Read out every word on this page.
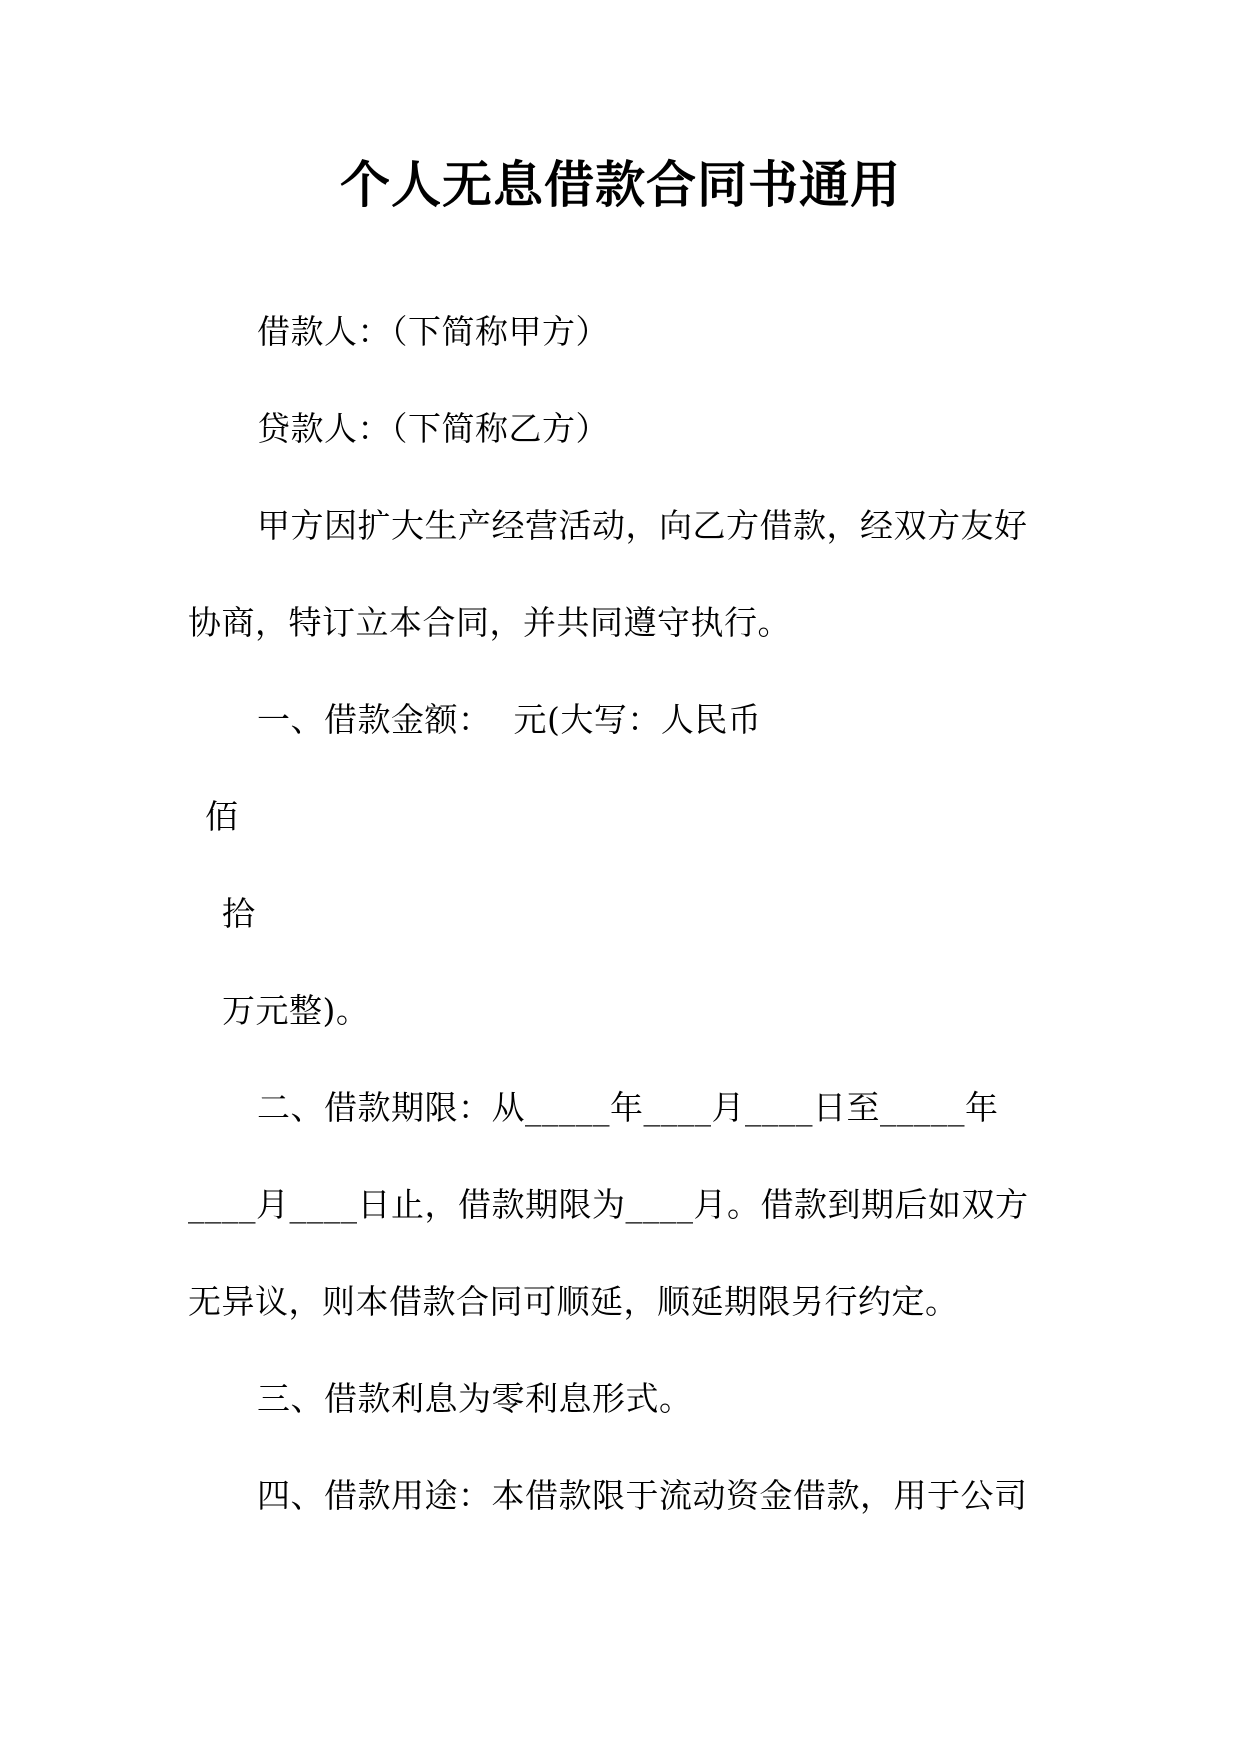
个人无息借款合同书通用
借款人：（下简称甲方）
贷款人：（下简称乙方）
甲方因扩大生产经营活动，向乙方借款，经双方友好
协商，特订立本合同，并共同遵守执行。
一、借款金额：  元(大写：人民币
佰
拾
万元整)。
二、借款期限：从_____年____月____日至_____年
____月____日止，借款期限为____月。借款到期后如双方
无异议，则本借款合同可顺延，顺延期限另行约定。
三、借款利息为零利息形式。
四、借款用途：本借款限于流动资金借款，用于公司
